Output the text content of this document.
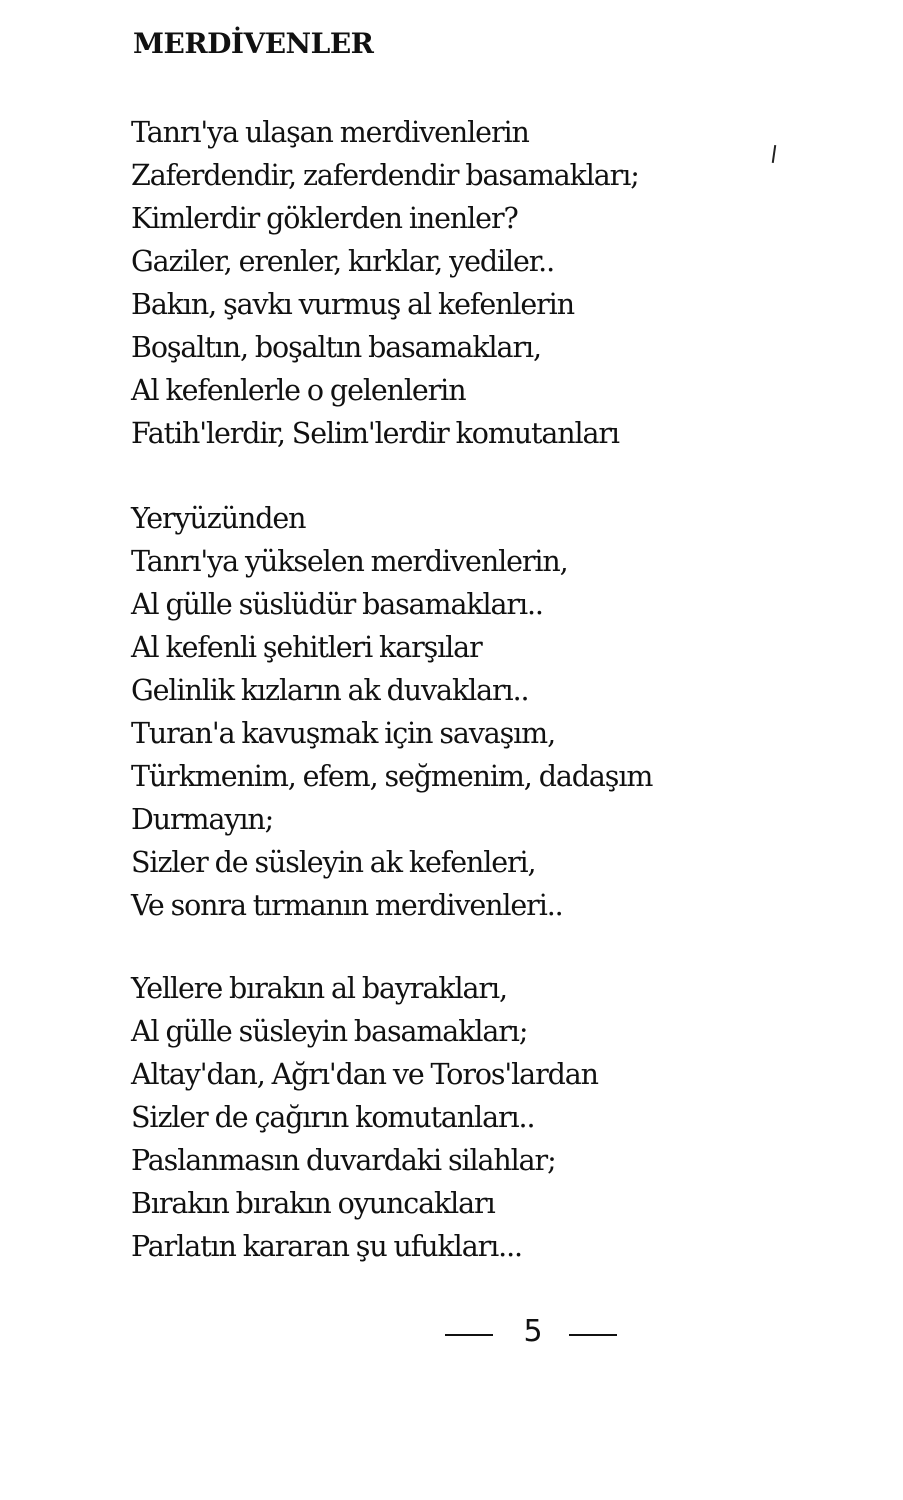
MERDİVENLER
Tanrı'ya ulaşan merdivenlerin
Zaferdendir, zaferdendir basamakları;
Kimlerdir göklerden inenler?
Gaziler, erenler, kırklar, yediler..
Bakın, şavkı vurmuş al kefenlerin
Boşaltın, boşaltın basamakları,
Al kefenlerle o gelenlerin
Fatih'lerdir, Selim'lerdir komutanları
Yeryüzünden
Tanrı'ya yükselen merdivenlerin,
Al gülle süslüdür basamakları..
Al kefenli şehitleri karşılar
Gelinlik kızların ak duvakları..
Turan'a kavuşmak için savaşım,
Türkmenim, efem, seğmenim, dadaşım
Durmayın;
Sizler de süsleyin ak kefenleri,
Ve sonra tırmanın merdivenleri..
Yellere bırakın al bayrakları,
Al gülle süsleyin basamakları;
Altay'dan, Ağrı'dan ve Toros'lardan
Sizler de çağırın komutanları..
Paslanmasın duvardaki silahlar;
Bırakın bırakın oyuncakları
Parlatın kararan şu ufukları...
5
